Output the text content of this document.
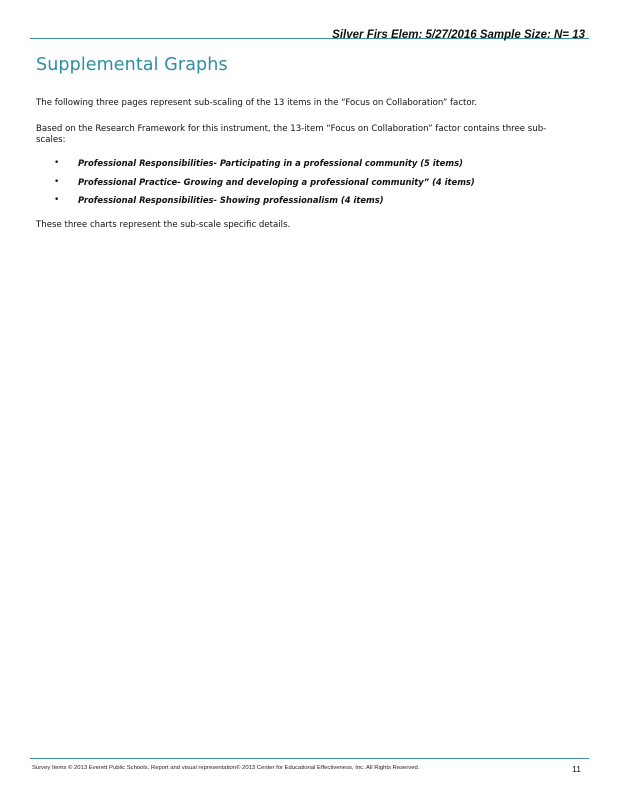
Silver Firs Elem: 5/27/2016 Sample Size: N= 13
Supplemental Graphs
The following three pages represent sub-scaling of the 13 items in the “Focus on Collaboration” factor.
Based on the Research Framework for this instrument, the 13-item “Focus on Collaboration” factor contains three sub-scales:
• Professional Responsibilities- Participating in a professional community (5 items)
• Professional Practice- Growing and developing a professional community” (4 items)
• Professional Responsibilities- Showing professionalism (4 items)
These three charts represent the sub-scale specific details.
Survey Items © 2013 Everett Public Schools. Report and visual representation© 2013 Center for Educational Effectiveness, Inc. All Rights Reserved.	11
